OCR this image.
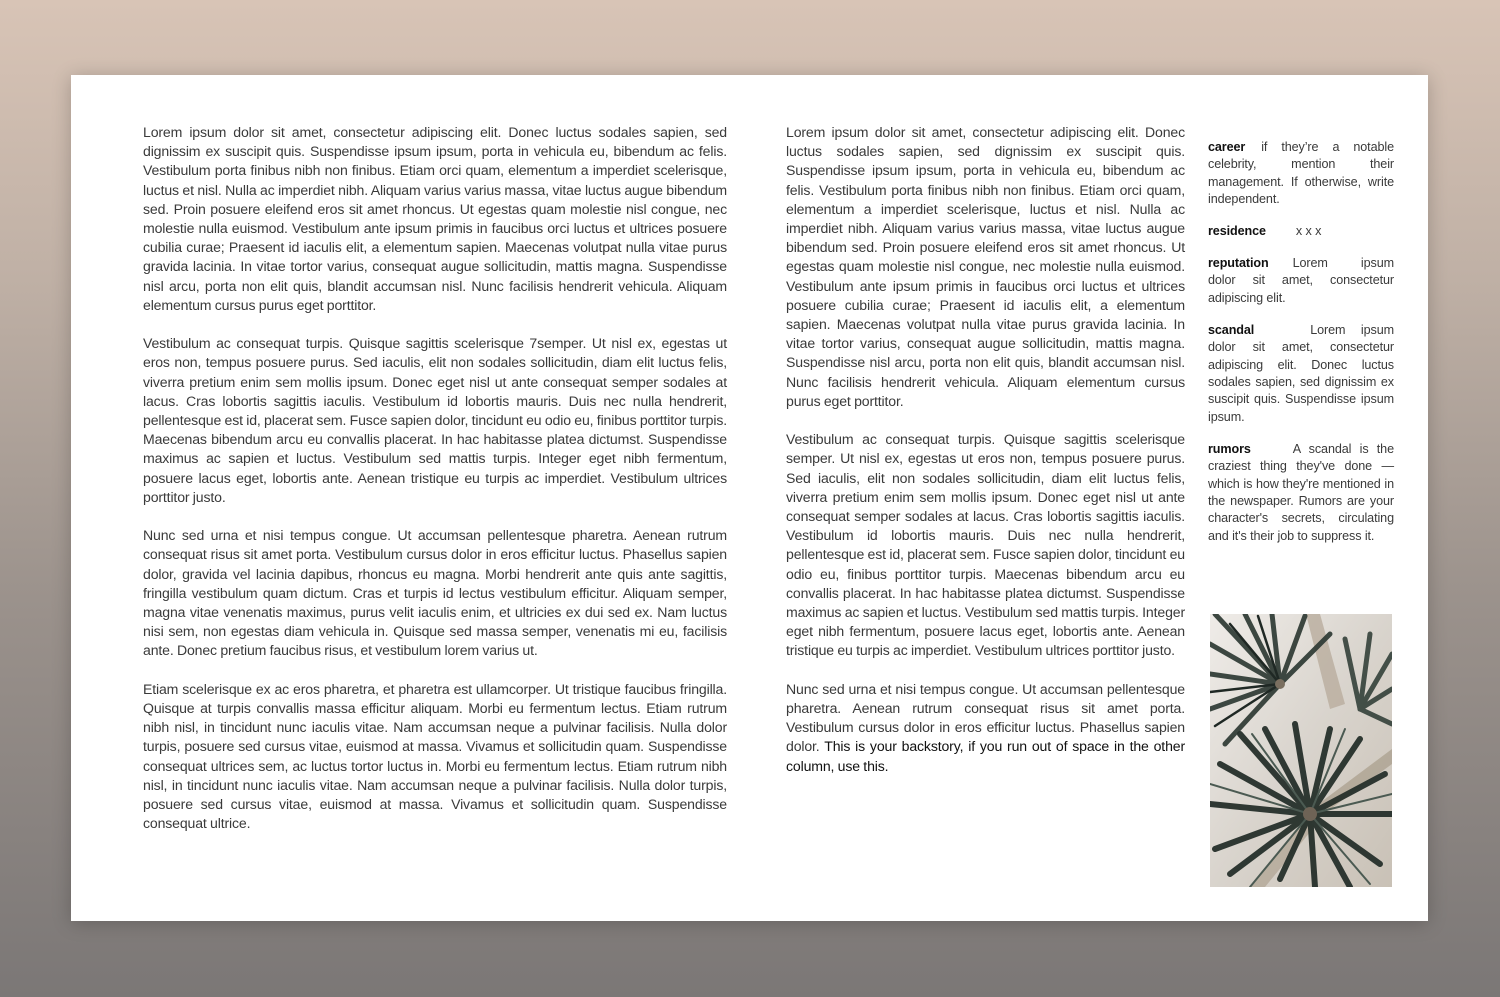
Lorem ipsum dolor sit amet, consectetur adipiscing elit. Donec luctus sodales sapien, sed dignissim ex suscipit quis. Suspendisse ipsum ipsum, porta in vehicula eu, bibendum ac felis. Vestibulum porta finibus nibh non finibus. Etiam orci quam, elementum a imperdiet scelerisque, luctus et nisl. Nulla ac imperdiet nibh. Aliquam varius varius massa, vitae luctus augue bibendum sed. Proin posuere eleifend eros sit amet rhoncus. Ut egestas quam molestie nisl congue, nec molestie nulla euismod. Vestibulum ante ipsum primis in faucibus orci luctus et ultrices posuere cubilia curae; Praesent id iaculis elit, a elementum sapien. Maecenas volutpat nulla vitae purus gravida lacinia. In vitae tortor varius, consequat augue sollicitudin, mattis magna. Suspendisse nisl arcu, porta non elit quis, blandit accumsan nisl. Nunc facilisis hendrerit vehicula. Aliquam elementum cursus purus eget porttitor.

Vestibulum ac consequat turpis. Quisque sagittis scelerisque 7semper. Ut nisl ex, egestas ut eros non, tempus posuere purus. Sed iaculis, elit non sodales sollicitudin, diam elit luctus felis, viverra pretium enim sem mollis ipsum. Donec eget nisl ut ante consequat semper sodales at lacus. Cras lobortis sagittis iaculis. Vestibulum id lobortis mauris. Duis nec nulla hendrerit, pellentesque est id, placerat sem. Fusce sapien dolor, tincidunt eu odio eu, finibus porttitor turpis. Maecenas bibendum arcu eu convallis placerat. In hac habitasse platea dictumst. Suspendisse maximus ac sapien et luctus. Vestibulum sed mattis turpis. Integer eget nibh fermentum, posuere lacus eget, lobortis ante. Aenean tristique eu turpis ac imperdiet. Vestibulum ultrices porttitor justo.

Nunc sed urna et nisi tempus congue. Ut accumsan pellentesque pharetra. Aenean rutrum consequat risus sit amet porta. Vestibulum cursus dolor in eros efficitur luctus. Phasellus sapien dolor, gravida vel lacinia dapibus, rhoncus eu magna. Morbi hendrerit ante quis ante sagittis, fringilla vestibulum quam dictum. Cras et turpis id lectus vestibulum efficitur. Aliquam semper, magna vitae venenatis maximus, purus velit iaculis enim, et ultricies ex dui sed ex. Nam luctus nisi sem, non egestas diam vehicula in. Quisque sed massa semper, venenatis mi eu, facilisis ante. Donec pretium faucibus risus, et vestibulum lorem varius ut.

Etiam scelerisque ex ac eros pharetra, et pharetra est ullamcorper. Ut tristique faucibus fringilla. Quisque at turpis convallis massa efficitur aliquam. Morbi eu fermentum lectus. Etiam rutrum nibh nisl, in tincidunt nunc iaculis vitae. Nam accumsan neque a pulvinar facilisis. Nulla dolor turpis, posuere sed cursus vitae, euismod at massa. Vivamus et sollicitudin quam. Suspendisse consequat ultrices sem, ac luctus tortor luctus in. Morbi eu fermentum lectus. Etiam rutrum nibh nisl, in tincidunt nunc iaculis vitae. Nam accumsan neque a pulvinar facilisis. Nulla dolor turpis, posuere sed cursus vitae, euismod at massa. Vivamus et sollicitudin quam. Suspendisse consequat ultrice.

Lorem ipsum dolor sit amet, consectetur adipiscing elit. Donec luctus sodales sapien, sed dignissim ex suscipit quis. Suspendisse ipsum ipsum, porta in vehicula eu, bibendum ac felis. Vestibulum porta finibus nibh non finibus. Etiam orci quam, elementum a imperdiet scelerisque, luctus et nisl. Nulla ac imperdiet nibh. Aliquam varius varius massa, vitae luctus augue bibendum sed. Proin posuere eleifend eros sit amet rhoncus. Ut egestas quam molestie nisl congue, nec molestie nulla euismod. Vestibulum ante ipsum primis in faucibus orci luctus et ultrices posuere cubilia curae; Praesent id iaculis elit, a elementum sapien. Maecenas volutpat nulla vitae purus gravida lacinia. In vitae tortor varius, consequat augue sollicitudin, mattis magna. Suspendisse nisl arcu, porta non elit quis, blandit accumsan nisl. Nunc facilisis hendrerit vehicula. Aliquam elementum cursus purus eget porttitor.

Vestibulum ac consequat turpis. Quisque sagittis scelerisque semper. Ut nisl ex, egestas ut eros non, tempus posuere purus. Sed iaculis, elit non sodales sollicitudin, diam elit luctus felis, viverra pretium enim sem mollis ipsum. Donec eget nisl ut ante consequat semper sodales at lacus. Cras lobortis sagittis iaculis. Vestibulum id lobortis mauris. Duis nec nulla hendrerit, pellentesque est id, placerat sem. Fusce sapien dolor, tincidunt eu odio eu, finibus porttitor turpis. Maecenas bibendum arcu eu convallis placerat. In hac habitasse platea dictumst. Suspendisse maximus ac sapien et luctus. Vestibulum sed mattis turpis. Integer eget nibh fermentum, posuere lacus eget, lobortis ante. Aenean tristique eu turpis ac imperdiet. Vestibulum ultrices porttitor justo.

Nunc sed urna et nisi tempus congue. Ut accumsan pellentesque pharetra. Aenean rutrum consequat risus sit amet porta. Vestibulum cursus dolor in eros efficitur luctus. Phasellus sapien dolor. This is your backstory, if you run out of space in the other column, use this.

career if they’re a notable celebrity, mention their management. If otherwise, write independent.
residence x x x
reputation Lorem ipsum dolor sit amet, consectetur adipiscing elit.
scandal	Lorem ipsum dolor sit amet, consectetur adipiscing elit. Donec luctus sodales sapien, sed dignissim ex suscipit quis. Suspendisse ipsum ipsum.
rumors	A scandal is the craziest thing they've done — which is how they're mentioned in the newspaper. Rumors are your character's secrets, circulating and it's their job to suppress it.
